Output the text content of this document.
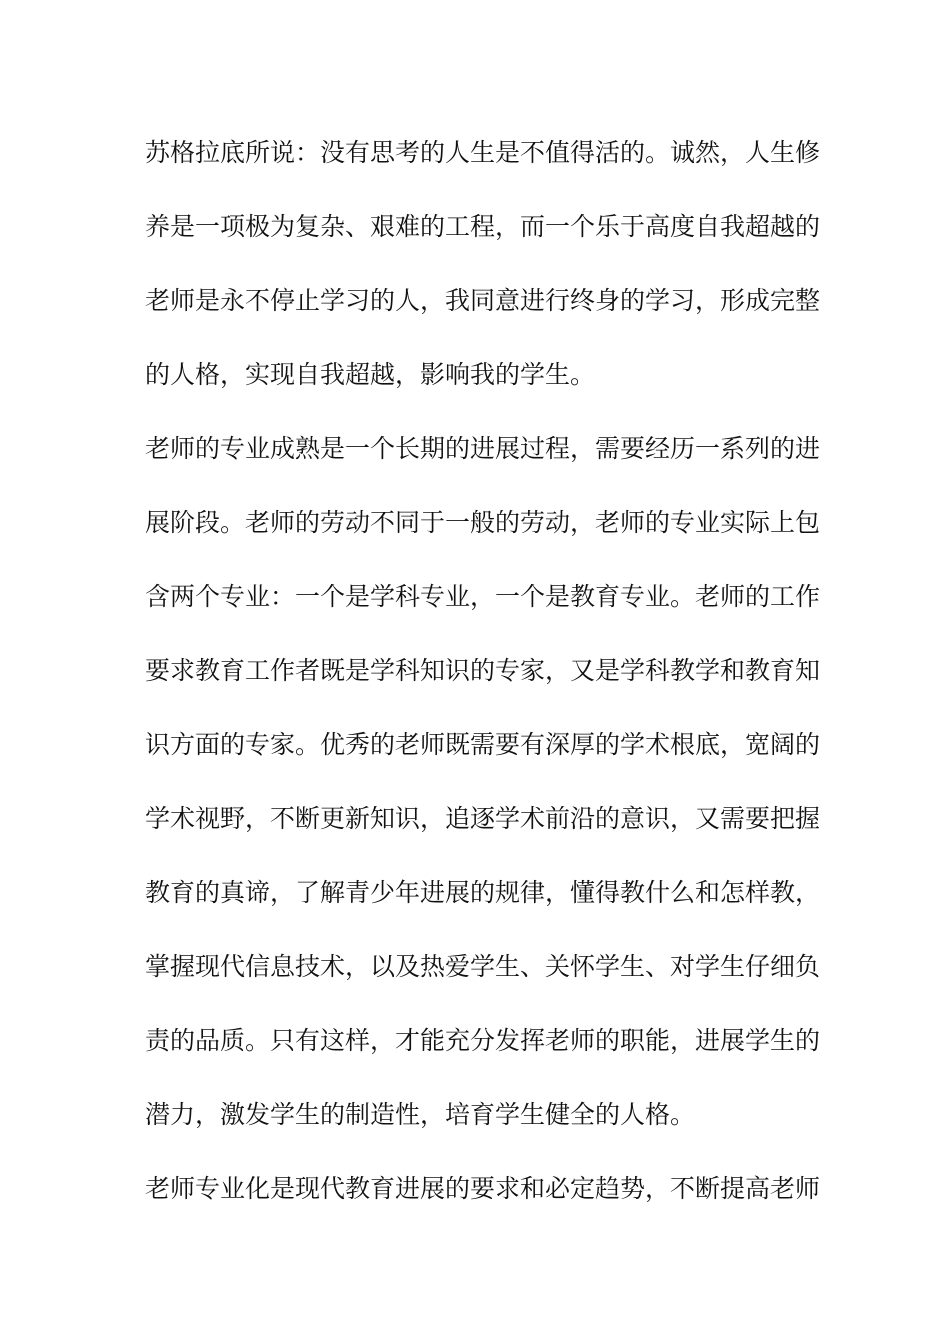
苏格拉底所说：没有思考的人生是不值得活的。诚然，人生修
养是一项极为复杂、艰难的工程，而一个乐于高度自我超越的
老师是永不停止学习的人，我同意进行终身的学习，形成完整
的人格，实现自我超越，影响我的学生。
老师的专业成熟是一个长期的进展过程，需要经历一系列的进
展阶段。老师的劳动不同于一般的劳动，老师的专业实际上包
含两个专业：一个是学科专业，一个是教育专业。老师的工作
要求教育工作者既是学科知识的专家，又是学科教学和教育知
识方面的专家。优秀的老师既需要有深厚的学术根底，宽阔的
学术视野，不断更新知识，追逐学术前沿的意识，又需要把握
教育的真谛，了解青少年进展的规律，懂得教什么和怎样教，
掌握现代信息技术，以及热爱学生、关怀学生、对学生仔细负
责的品质。只有这样，才能充分发挥老师的职能，进展学生的
潜力，激发学生的制造性，培育学生健全的人格。
老师专业化是现代教育进展的要求和必定趋势，不断提高老师
